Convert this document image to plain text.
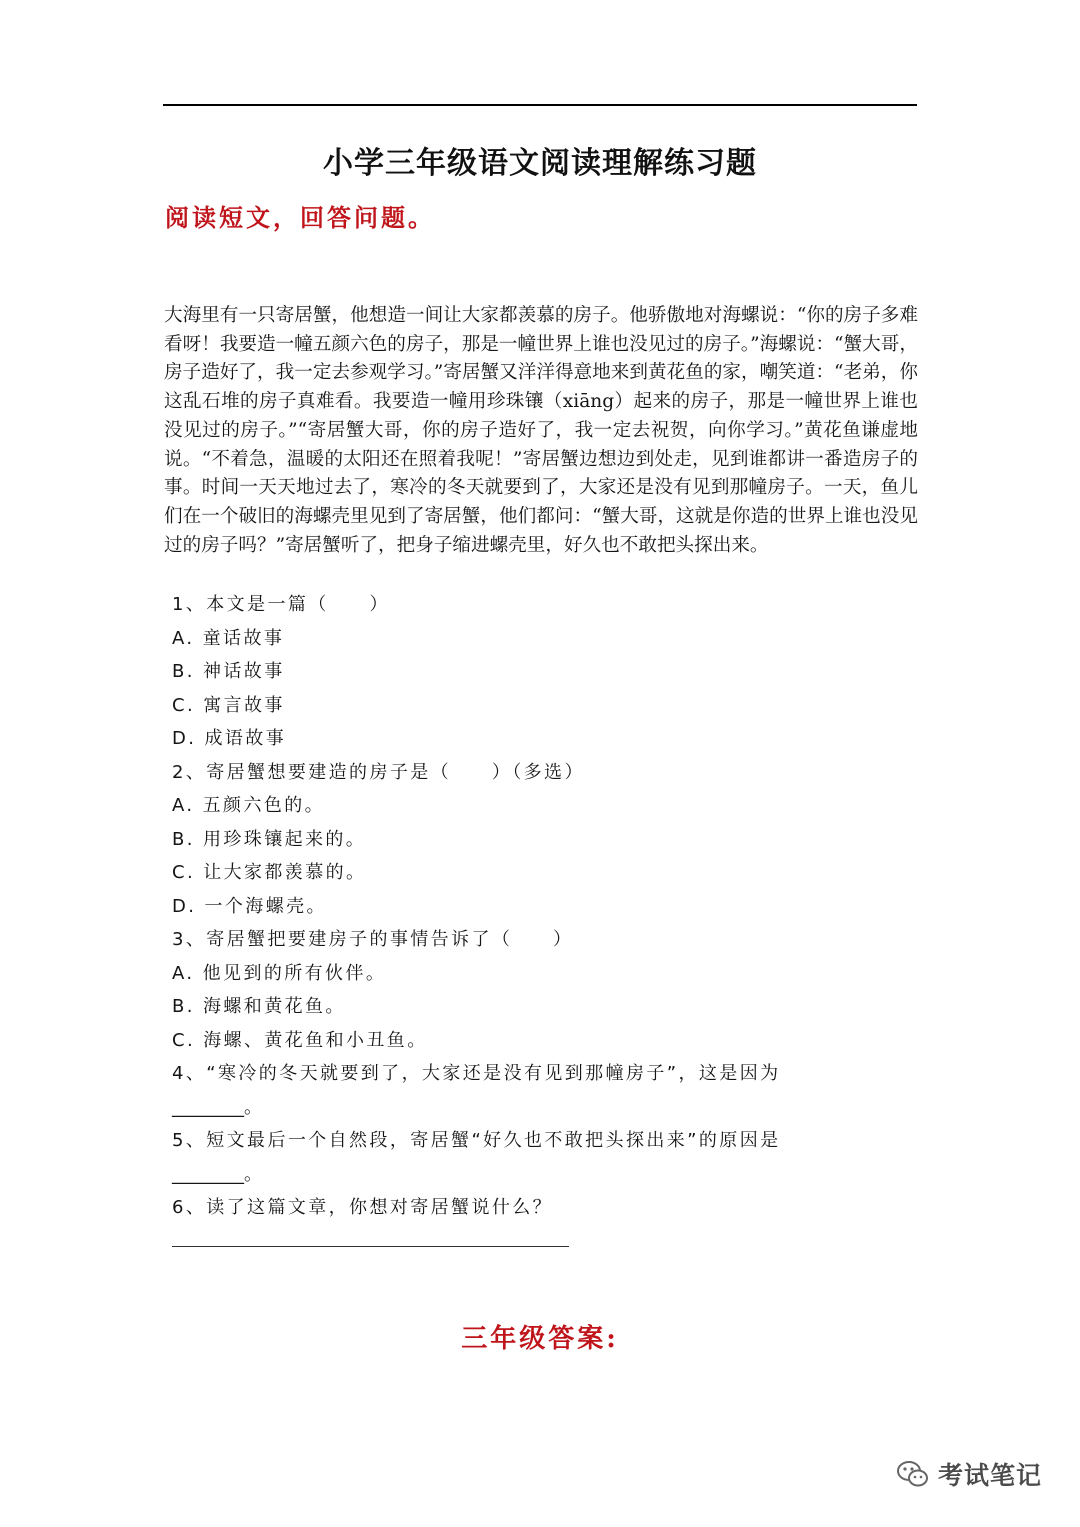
小学三年级语文阅读理解练习题
阅读短文，回答问题。
大海里有一只寄居蟹，他想造一间让大家都羡慕的房子。他骄傲地对海螺说：“你的房子多难看呀！我要造一幢五颜六色的房子，那是一幢世界上谁也没见过的房子。”海螺说：“蟹大哥，房子造好了，我一定去参观学习。”寄居蟹又洋洋得意地来到黄花鱼的家，嘲笑道：“老弟，你这乱石堆的房子真难看。我要造一幢用珍珠镶（xiāng）起来的房子，那是一幢世界上谁也没见过的房子。”“寄居蟹大哥，你的房子造好了，我一定去祝贺，向你学习。”黄花鱼谦虚地说。“不着急，温暖的太阳还在照着我呢！”寄居蟹边想边到处走，见到谁都讲一番造房子的事。时间一天天地过去了，寒冷的冬天就要到了，大家还是没有见到那幢房子。一天，鱼儿们在一个破旧的海螺壳里见到了寄居蟹，他们都问：“蟹大哥，这就是你造的世界上谁也没见过的房子吗？”寄居蟹听了，把身子缩进螺壳里，好久也不敢把头探出来。
1、本文是一篇（　　）
A. 童话故事
B. 神话故事
C. 寓言故事
D. 成语故事
2、寄居蟹想要建造的房子是（　　）（多选）
A. 五颜六色的。
B. 用珍珠镶起来的。
C. 让大家都羡慕的。
D. 一个海螺壳。
3、寄居蟹把要建房子的事情告诉了（　　）
A. 他见到的所有伙伴。
B. 海螺和黄花鱼。
C. 海螺、黄花鱼和小丑鱼。
4、“寒冷的冬天就要到了，大家还是没有见到那幢房子”，这是因为
________。
5、短文最后一个自然段，寄居蟹“好久也不敢把头探出来”的原因是
________。
6、读了这篇文章，你想对寄居蟹说什么？
三年级答案:
考试笔记
